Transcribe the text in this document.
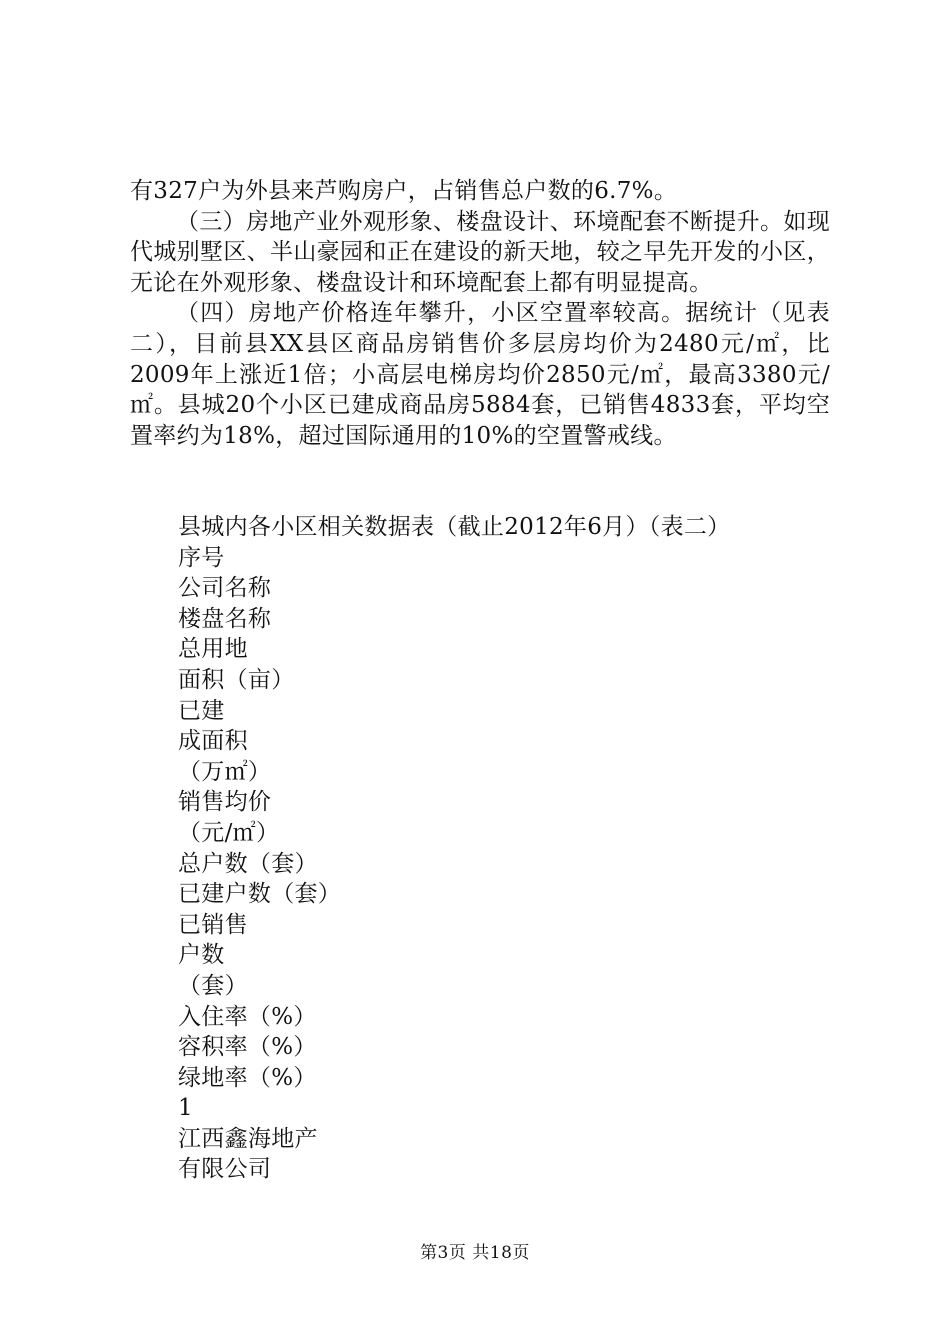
有327户为外县来芦购房户，占销售总户数的6.7%。

（三）房地产业外观形象、楼盘设计、环境配套不断提升。如现代城别墅区、半山豪园和正在建设的新天地，较之早先开发的小区，无论在外观形象、楼盘设计和环境配套上都有明显提高。

（四）房地产价格连年攀升，小区空置率较高。据统计（见表二），目前县XX县区商品房销售价多层房均价为2480元/㎡，比2009年上涨近1倍；小高层电梯房均价2850元/㎡，最高3380元/㎡。县城20个小区已建成商品房5884套，已销售4833套，平均空置率约为18%，超过国际通用的10%的空置警戒线。

县城内各小区相关数据表（截止2012年6月）（表二）

序号
公司名称
楼盘名称
总用地
面积（亩）
已建
成面积
（万㎡）
销售均价
（元/㎡）
总户数（套）
已建户数（套）
已销售
户数
（套）
入住率（%）
容积率（%）
绿地率（%）
1
江西鑫海地产
有限公司
第3页 共18页
